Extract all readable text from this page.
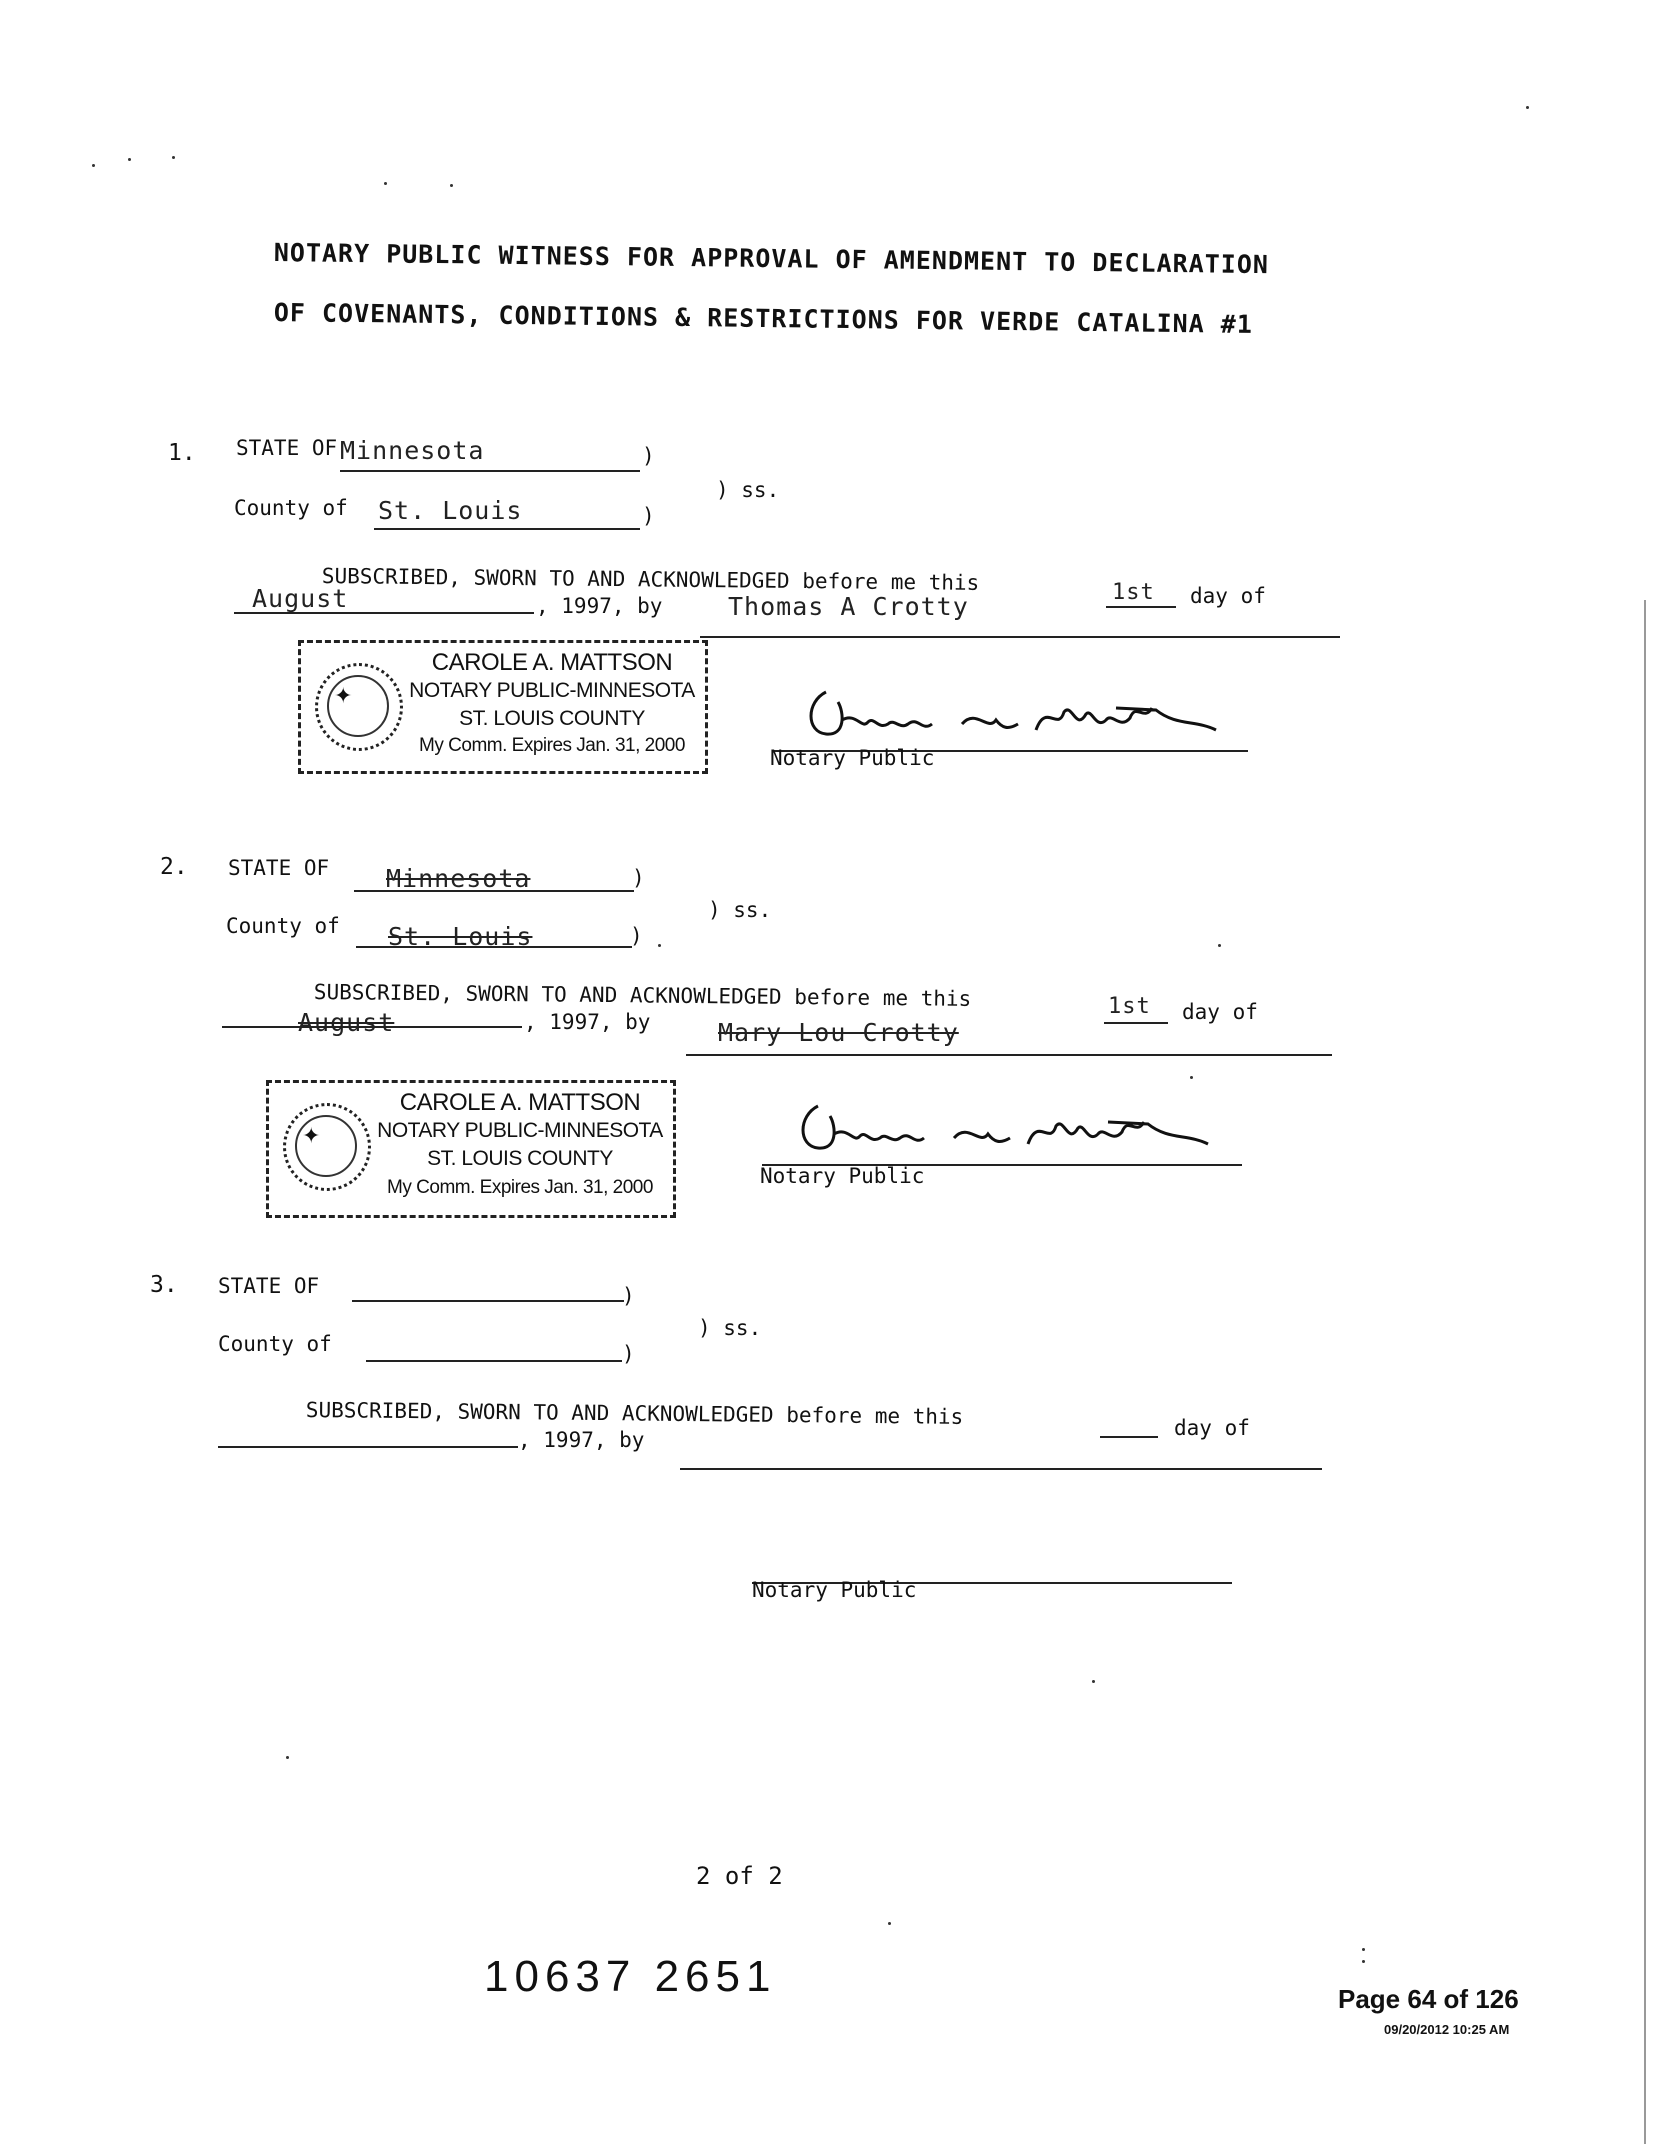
NOTARY PUBLIC WITNESS FOR APPROVAL OF AMENDMENT TO DECLARATION
OF COVENANTS, CONDITIONS & RESTRICTIONS FOR VERDE CATALINA #1
1. STATE OF Minnesota	)
County of St. Louis	)
) ss.
SUBSCRIBED, SWORN TO AND ACKNOWLEDGED before me this	1st day of
August	, 1997, by	Thomas A Crotty
✦
CAROLE A. MATTSON
NOTARY PUBLIC-MINNESOTA
ST. LOUIS COUNTY
My Comm. Expires Jan. 31, 2000
Notary Public
2. STATE OF Minnesota	)
County of St. Louis	)
) ss.
SUBSCRIBED, SWORN TO AND ACKNOWLEDGED before me this	1st day of
August	, 1997, by	Mary Lou Crotty
✦
CAROLE A. MATTSON
NOTARY PUBLIC-MINNESOTA
ST. LOUIS COUNTY
My Comm. Expires Jan. 31, 2000	Notary Public
3. STATE OF	)
County of	)
) ss.
SUBSCRIBED, SWORN TO AND ACKNOWLEDGED before me this	day of
, 1997, by
Notary Public
2 of 2
10637 2651	Page 64 of 126
09/20/2012 10:25 AM
